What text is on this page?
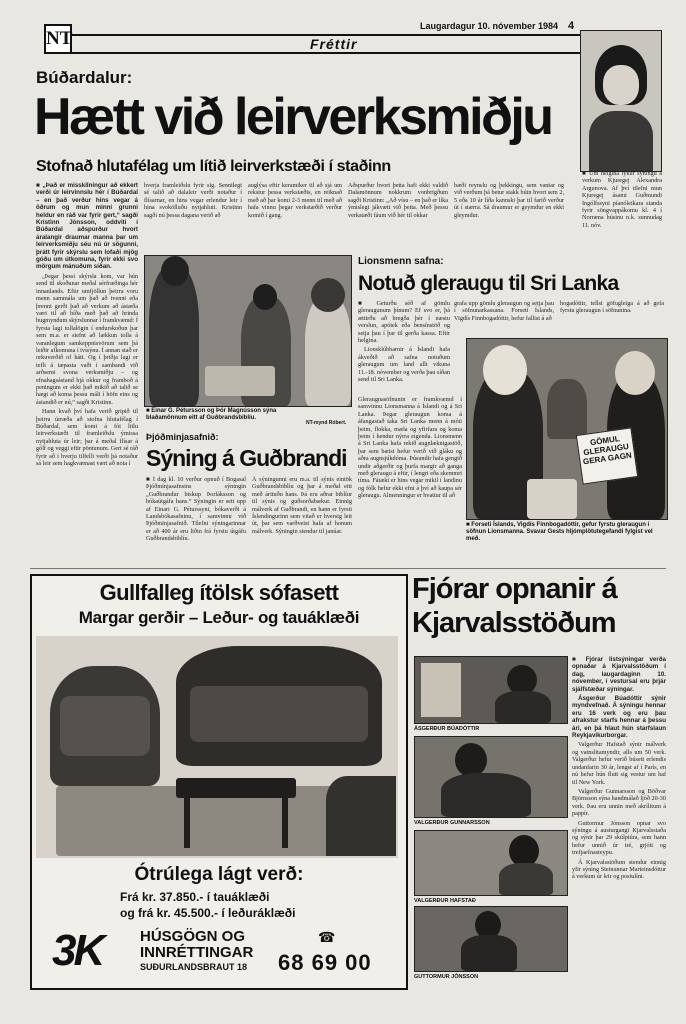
NT
Laugardagur 10. nóvember 1984 4
Fréttir
Búðardalur:
Hætt við leirverksmiðju
Stofnað hlutafélag um lítið leirverkstæði í staðinn

■ „Það er misskilningur að ekkert verði úr leirvinnslu hér í Búðardal – en það verður hins vegar á öðrum og mun minni grunni heldur en ráð var fyrir gert,“ sagði Kristinn Jónsson, oddviti í Búðardal aðspurður hvort áralangir draumar manna þar um leirverksmiðju séu nú úr sögunni, þrátt fyrir skýrslu sem lofaði mjög góðu um útkomuna, fyrir ekki svo mörgum mánuðum síðan.

„Þegar þessi skýrsla kom, var hún send til skoðunar meðal sérfræðinga hér innanlands. Eftir umfjöllun þeirra voru menn sammála um það að tvennt eða þrennt gerði það að verkum að ástæða væri til að bíða með það að hrinda hugmyndum skýrslunnar í framkvæmd: Í fyrsta lagi tollalögin í endurskoðun þar sem m.a. er stefnt að lækkun tolla á varanlegum samkeppnisvörum sem þá leiðir afkomuna í tvísýnu. Í annan stað er orkuverðið of hátt. Og í þriðja lagi er tefli á tæpasta vaði í sambandi við arðsemi svona verksmiðju – og efnahagsástand hjá okkur og framboð á peningum er ekki það mikið að talið se hægt að koma þessu máli í höfn eins og ástandið er nú,“ sagði Kristinn.

Hann kvað því hafa verið gripið til þeirra úrræða að stofna hlutafélag í Búðardal, sem komi á fót litlu leirverkstæði til framleiðslu ýmissa nytjahluta úr leir; þar á meðal flísar á gólf og veggi eftir pöntunum. Gert sé ráð fyrir að í hverju tilfelli verði þá notaður sá leir sem hagkvæmast væri að nota í

hverja framleiðslu fyrir sig. Sennilegt sé talið að dalaleir verði notaður í flísarnar, en hins vegar erlendur leir í hina svokölluðu nytjahluti. Kristinn sagði nú þessa dagana verið að

auglýsa eftir keramiker til að sjá um rekstur þessa verkstæðis, en reiknað með að þar komi 2-3 menn til með að hafa vinnu þegar verkstæðið verður komið í gang.

Aðspurður hvort þetta hafi ekki valdið Dalamönnum nokkrum vonbrigðum sagði Kristinn: „Að vísu – en það er líka ýmislegt jákvætt við þetta. Með þessu verkstæði fáum við hér til okkar

bæði reynslu og þekkingu, sem vantar og við verðum þá betur stakk búin hvort sem 2, 5 eða 10 ár líða kannski þar til farið verður út í stærra. Sá draumur er geymdur en ekki gleymdur.

■ Um helgina lýkur sýningu á verkum Kjuregej Alexandra Argunova. Af því tilefni mun Kjuregej ásamt Guðmundi Ingólfssyni píanóleikara standa fyrir söngvappákomu kl. 4 í Norræna húsinu n.k. sunnudag 11. nóv.

■ Einar G. Pétursson og Þór Magnússon sýna blaðamönnum eitt af Guðbrandsbiblíu.
NT-mynd Róbert.
Þjóðminjasafnið:
Sýning á Guðbrandi

■ Í dag kl. 10 verður opnuð í Bogasal Þjóðminjasafnsins sýningin „Guðbrandur biskup Þorláksson og bókaútgáfa hans.“ Sýningin er sett upp af Einari G. Péturssyni, bókaverði á Landsbókasafninu, í samvinnu við Þjóðminjasafnið. Tilefni sýningarinnar er að 400 ár eru liðin frá fyrstu útgáfu Guðbrandsbiblíu.

Á sýningunni eru m.a. til sýnis eintök Guðbrandsbiblíu og þar á meðal eitt með árituðu hans. Þá eru aðrar biblíur til sýnis og guðsorðabækur. Einnig málverk af Guðbrandi, en hann er fyrsti Íslendingurinn sem vitað er hversig leit út, þar sem varðveist hafa af honum málverk. Sýningin stendur til janúar.

Lionsmenn safna:
Notuð gleraugu til Sri Lanka

■ Geturðu séð af gömlu gleraugunum þínum? Ef svo er, þá ættirðu að bregða þér í næstu verslun, apótek eða bensínstöð og setja þau í þar til gerða kassa. Eftir helgina.

Lionsklúbbarnir á Íslandi hafa ákveðið að safna notuðum gleraugum um land allt vikuna 11.-18. nóvember og verða þau síðan send til Sri Lanka.

grafa upp gömlu gleraugun og setja þau í söfnunarkassana. Forseti Íslands, Vigdís Finnbogadóttir, hefur fallist á að

hogadóttir, tellst göfugleiga á að gefa fyrstu gleraugun í söfnunina.

Gleraugnasöfnunin er framkvæmd í samvinnu Lionsmanna á Íslandi og á Sri Lanka. Þegar gleraugun koma á áfangastað taka Sri Lanka menn á móti þeim, flokka, mæla og yfirfara og koma þeim í hendur nýrra eigenda. Lionsmenn á Sri Lanka hafa rekið augnlæknigastöð, þar sem bæist hefur verið við gláku og aðra augnsjúkdóma. Þúsundir hafa gengið undir aðgerðir og þurfa margir að ganga með gleraugu á eftir, í lengri eða skemmri tíma. Fátækt er hins vegar mikil í landinu og fólk hefur ekki efni á því að kaupa sér gleraugu. Almenningur er hvattur til að

GÖMUL GLERAUGU GERA GAGN
■ Forseti Íslands, Vigdís Finnbogadóttir, gefur fyrstu gleraugun í söfnun Lionsmanna. Svavar Gests hljómplötutegefandi fylgist vel með.
Gullfalleg ítölsk sófasett
Margar gerðir – Leður- og tauáklæði
Ótrúlega lágt verð:
Frá kr. 37.850.- í tauáklæði
og frá kr. 45.500.- í leðuráklæði
3K	HÚSGÖGN OG
INNRÉTTINGAR
SUÐURLANDSBRAUT 18
☎
68 69 00
Fjórar opnanir á
Kjarvalsstöðum
ÁSGERÐUR BÚADÓTTIR
VALGERÐUR GUNNARSSON
VALGERÐUR HAFSTAÐ
GUTTORMUR JÓNSSON

■ Fjórar listsýningar verða opnaðar á Kjarvalsstöðum í dag, laugardaginn 10. nóvember, í vestursal eru þrjár sjálfstæðar sýningar.

Ásgerður Búadóttir sýnir myndvefnað. Á sýningu hennar eru 16 verk og eru þau afrakstur starfs hennar á þessu ári, en þá hlaut hún starfslaun Reykjavíkurborgar.

Valgerður Hafstað sýnir málverk og vatnslitamyndir, alls um 50 verk. Valgerður hefur verið búsett erlendis undanfarin 30 ár, lengst af í París, en nú hefur hún flutt sig vestur um haf til New York.

Valgerður Gunnarsson og Böðvar Björnsson sýna handmálað ljóð 20-30 verk. Þau eru unnin með akrílitum á pappír.

Guttormur Jónsson opnar svo sýningu á austurgangi Kjarvalsstaða og sýnir þar 29 skúlptúra, sem hann hefur unnið úr tré, grjóti og trefjaefnasteypu.

Á Kjarvalsstöðum stendur einnig yfir sýning Steinunnar Marteinsdóttur á verkum úr leir og postulíni.
